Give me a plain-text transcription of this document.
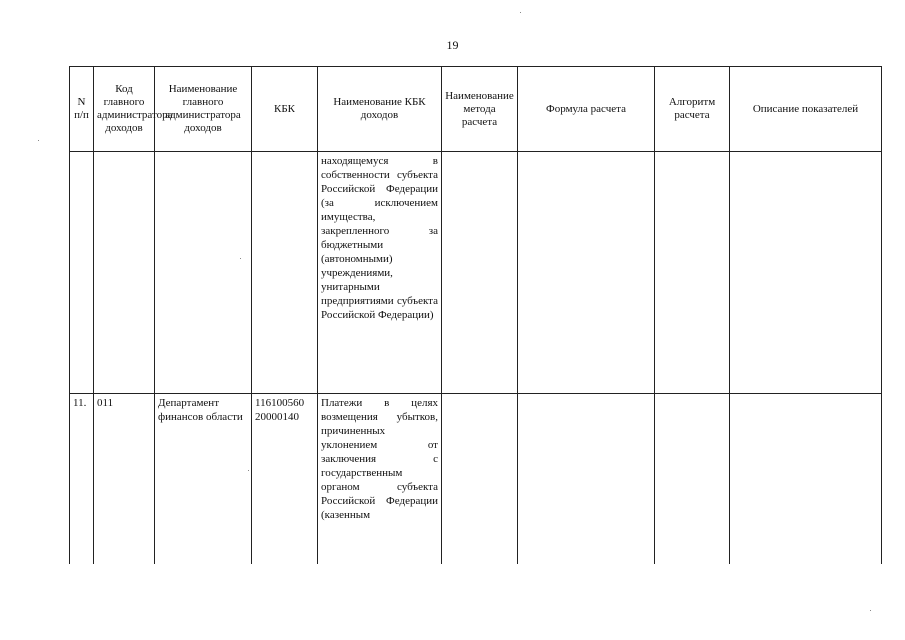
19
N п/п	Код главного администратора доходов	Наименование главного администратора доходов	КБК	Наименование КБК доходов	Наименование метода расчета	Формула расчета	Алгоритм расчета	Описание показателей
				находящемуся в собственности субъекта Российской Федерации (за исключением имущества, закрепленного за бюджетными (автономными) учреждениями, унитарными предприятиями субъекта Российской Федерации)				
11.	011	Департамент финансов области	116100560 20000140	Платежи в целях возмещения убытков, причиненных уклонением от заключения с государственным органом субъекта Российской Федерации (казенным				
